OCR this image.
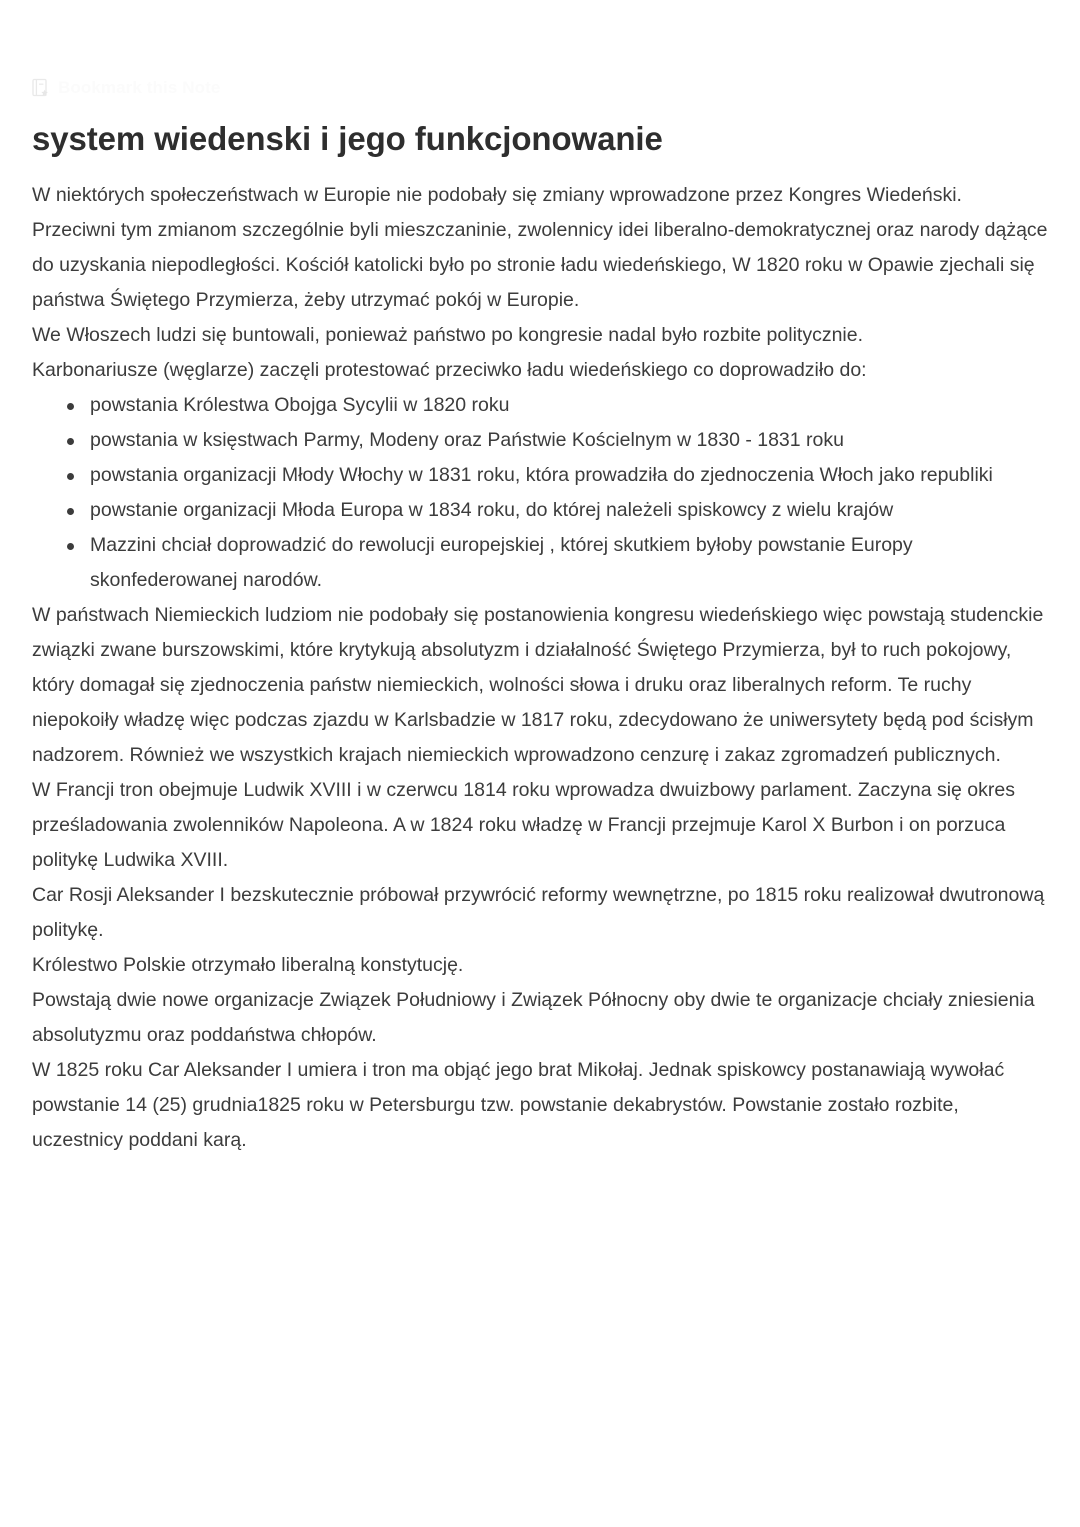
Bookmark this Note
system wiedenski i jego funkcjonowanie

W niektórych społeczeństwach w Europie nie podobały się zmiany wprowadzone przez Kongres Wiedeński. Przeciwni tym zmianom szczególnie byli mieszczaninie, zwolennicy idei liberalno-demokratycznej oraz narody dążące do uzyskania niepodległości. Kościół katolicki było po stronie ładu wiedeńskiego, W 1820 roku w Opawie zjechali się państwa Świętego Przymierza, żeby utrzymać pokój w Europie.

We Włoszech ludzi się buntowali, ponieważ państwo po kongresie nadal było rozbite politycznie.

Karbonariusze (węglarze) zaczęli protestować przeciwko ładu wiedeńskiego co doprowadziło do:

powstania Królestwa Obojga Sycylii w 1820 roku
powstania w księstwach Parmy, Modeny oraz Państwie Kościelnym w 1830 - 1831 roku
powstania organizacji Młody Włochy w 1831 roku, która prowadziła do zjednoczenia Włoch jako republiki
powstanie organizacji Młoda Europa w 1834 roku, do której należeli spiskowcy z wielu krajów
Mazzini chciał doprowadzić do rewolucji europejskiej , której skutkiem byłoby powstanie Europy skonfederowanej narodów.

W państwach Niemieckich ludziom nie podobały się postanowienia kongresu wiedeńskiego więc powstają studenckie związki zwane burszowskimi, które krytykują absolutyzm i działalność Świętego Przymierza, był to ruch pokojowy, który domagał się zjednoczenia państw niemieckich, wolności słowa i druku oraz liberalnych reform. Te ruchy niepokoiły władzę więc podczas zjazdu w Karlsbadzie w 1817 roku, zdecydowano że uniwersytety będą pod ścisłym nadzorem. Również we wszystkich krajach niemieckich wprowadzono cenzurę i zakaz zgromadzeń publicznych.

W Francji tron obejmuje Ludwik XVIII i w czerwcu 1814 roku wprowadza dwuizbowy parlament. Zaczyna się okres prześladowania zwolenników Napoleona. A w 1824 roku władzę w Francji przejmuje Karol X Burbon i on porzuca politykę Ludwika XVIII.

Car Rosji Aleksander I bezskutecznie próbował przywrócić reformy wewnętrzne, po 1815 roku realizował dwutronową politykę.

Królestwo Polskie otrzymało liberalną konstytucję.

Powstają dwie nowe organizacje Związek Południowy i Związek Północny oby dwie te organizacje chciały zniesienia absolutyzmu oraz poddaństwa chłopów.

W 1825 roku Car Aleksander I umiera i tron ma objąć jego brat Mikołaj. Jednak spiskowcy postanawiają wywołać powstanie 14 (25) grudnia1825 roku w Petersburgu tzw. powstanie dekabrystów. Powstanie zostało rozbite, uczestnicy poddani karą.
